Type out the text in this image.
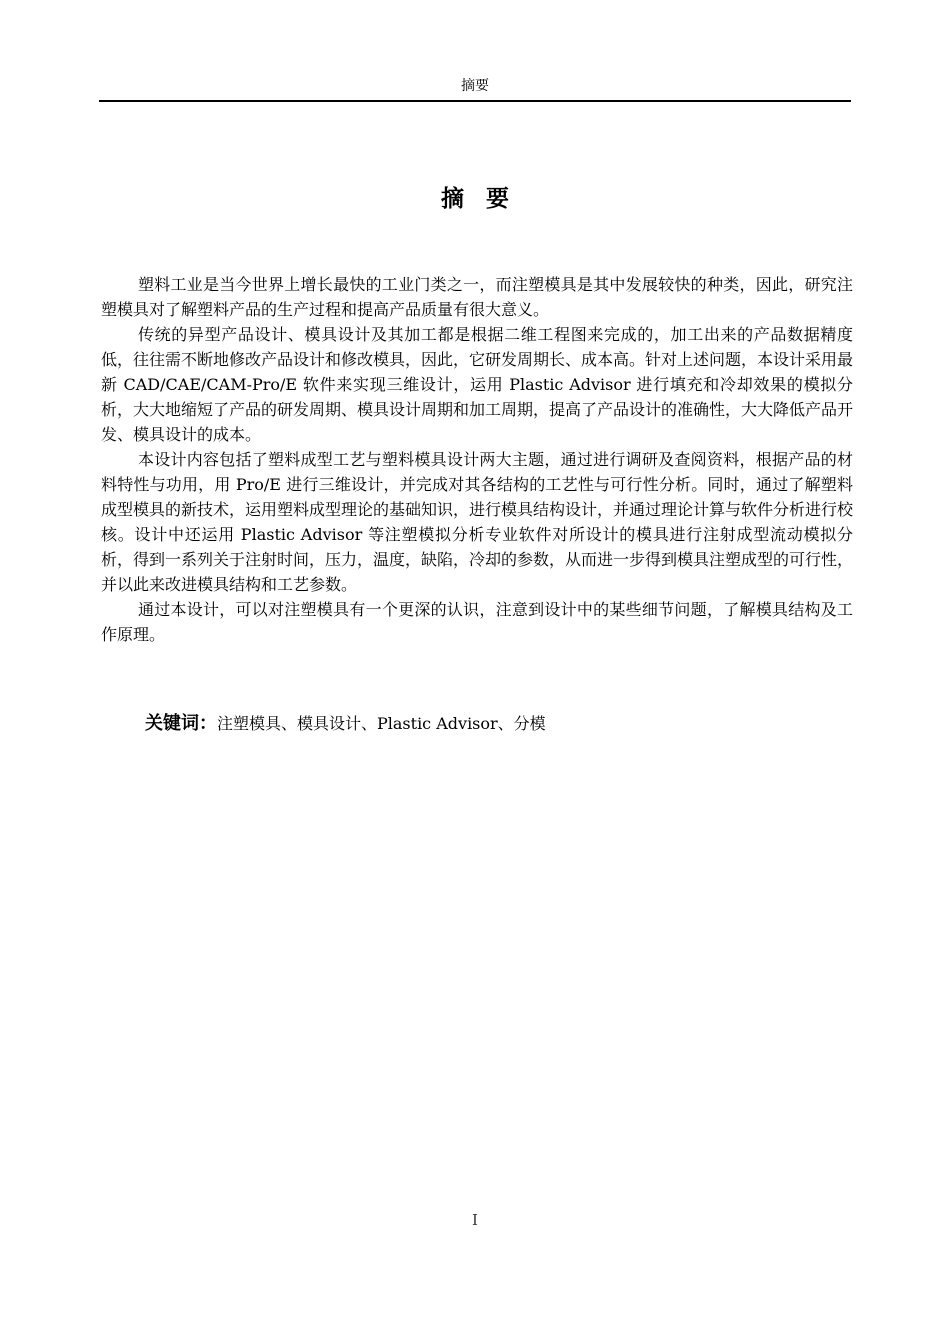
摘要
摘要

塑料工业是当今世界上增长最快的工业门类之一，而注塑模具是其中发展较快的种类，因此，研究注塑模具对了解塑料产品的生产过程和提高产品质量有很大意义。

传统的异型产品设计、模具设计及其加工都是根据二维工程图来完成的，加工出来的产品数据精度低，往往需不断地修改产品设计和修改模具，因此，它研发周期长、成本高。针对上述问题，本设计采用最新 CAD/CAE/CAM-Pro/E 软件来实现三维设计，运用 Plastic Advisor 进行填充和冷却效果的模拟分析，大大地缩短了产品的研发周期、模具设计周期和加工周期，提高了产品设计的准确性，大大降低产品开发、模具设计的成本。

本设计内容包括了塑料成型工艺与塑料模具设计两大主题，通过进行调研及查阅资料，根据产品的材料特性与功用，用 Pro/E 进行三维设计，并完成对其各结构的工艺性与可行性分析。同时，通过了解塑料成型模具的新技术，运用塑料成型理论的基础知识，进行模具结构设计，并通过理论计算与软件分析进行校核。设计中还运用 Plastic Advisor 等注塑模拟分析专业软件对所设计的模具进行注射成型流动模拟分析，得到一系列关于注射时间，压力，温度，缺陷，冷却的参数，从而进一步得到模具注塑成型的可行性，并以此来改进模具结构和工艺参数。

通过本设计，可以对注塑模具有一个更深的认识，注意到设计中的某些细节问题，了解模具结构及工作原理。

关键词：注塑模具、模具设计、Plastic Advisor、分模
I
